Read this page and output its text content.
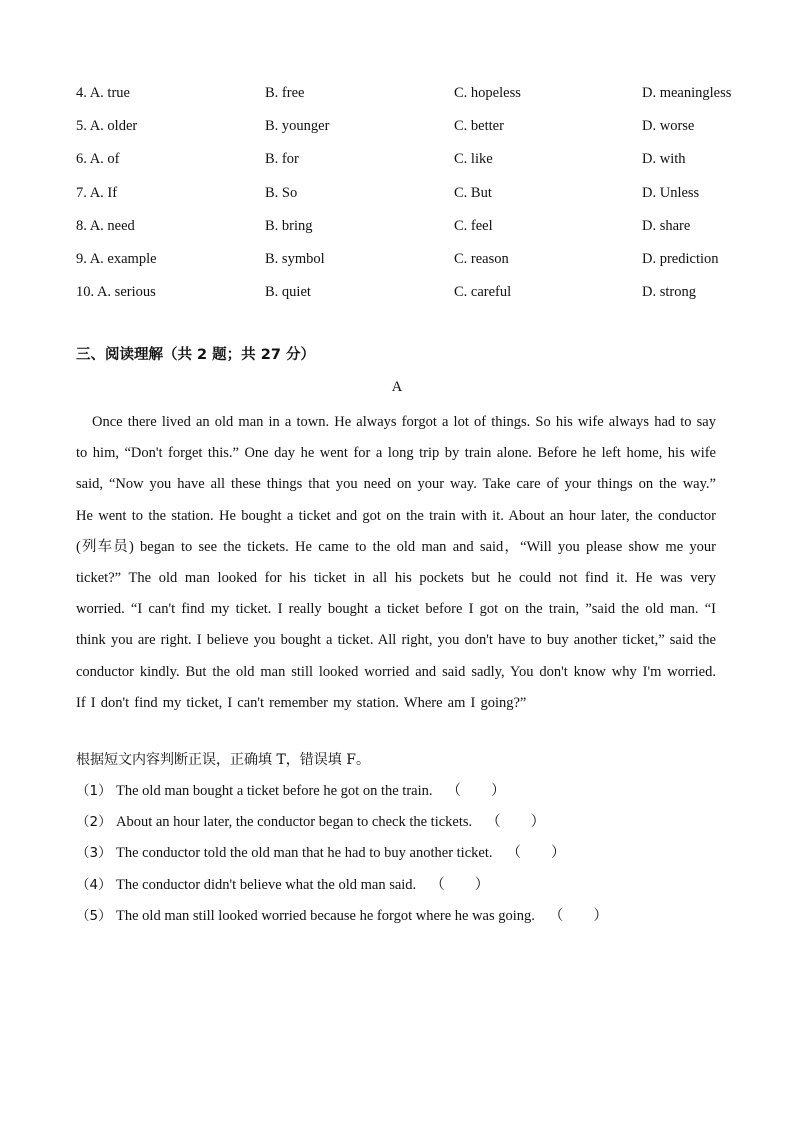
4. A. true	B. free	C. hopeless	D. meaningless
5. A. older	B. younger	C. better	D. worse
6. A. of	B. for	C. like	D. with
7. A. If	B. So	C. But	D. Unless
8. A. need	B. bring	C. feel	D. share
9. A. example	B. symbol	C. reason	D. prediction
10. A. serious	B. quiet	C. careful	D. strong
三、阅读理解（共 2 题；共 27 分）
A

Once there lived an old man in a town. He always forgot a lot of things. So his wife always had to say to him, “Don't forget this.” One day he went for a long trip by train alone. Before he left home, his wife said, “Now you have all these things that you need on your way. Take care of your things on the way.” He went to the station. He bought a ticket and got on the train with it. About an hour later, the conductor (列车员) began to see the tickets. He came to the old man and said，“Will you please show me your ticket?” The old man looked for his ticket in all his pockets but he could not find it. He was very worried. “I can't find my ticket. I really bought a ticket before I got on the train, ”said the old man. “I think you are right. I believe you bought a ticket. All right, you don't have to buy another ticket,” said the conductor kindly. But the old man still looked worried and said sadly, You don't know why I'm worried. If I don't find my ticket, I can't remember my station. Where am I going?”

根据短文内容判断正误，正确填 T，错误填 F。
（1） The old man bought a ticket before he got on the train. （ ）
（2） About an hour later, the conductor began to check the tickets. （ ）
（3） The conductor told the old man that he had to buy another ticket. （ ）
（4） The conductor didn't believe what the old man said. （ ）
（5） The old man still looked worried because he forgot where he was going. （ ）
